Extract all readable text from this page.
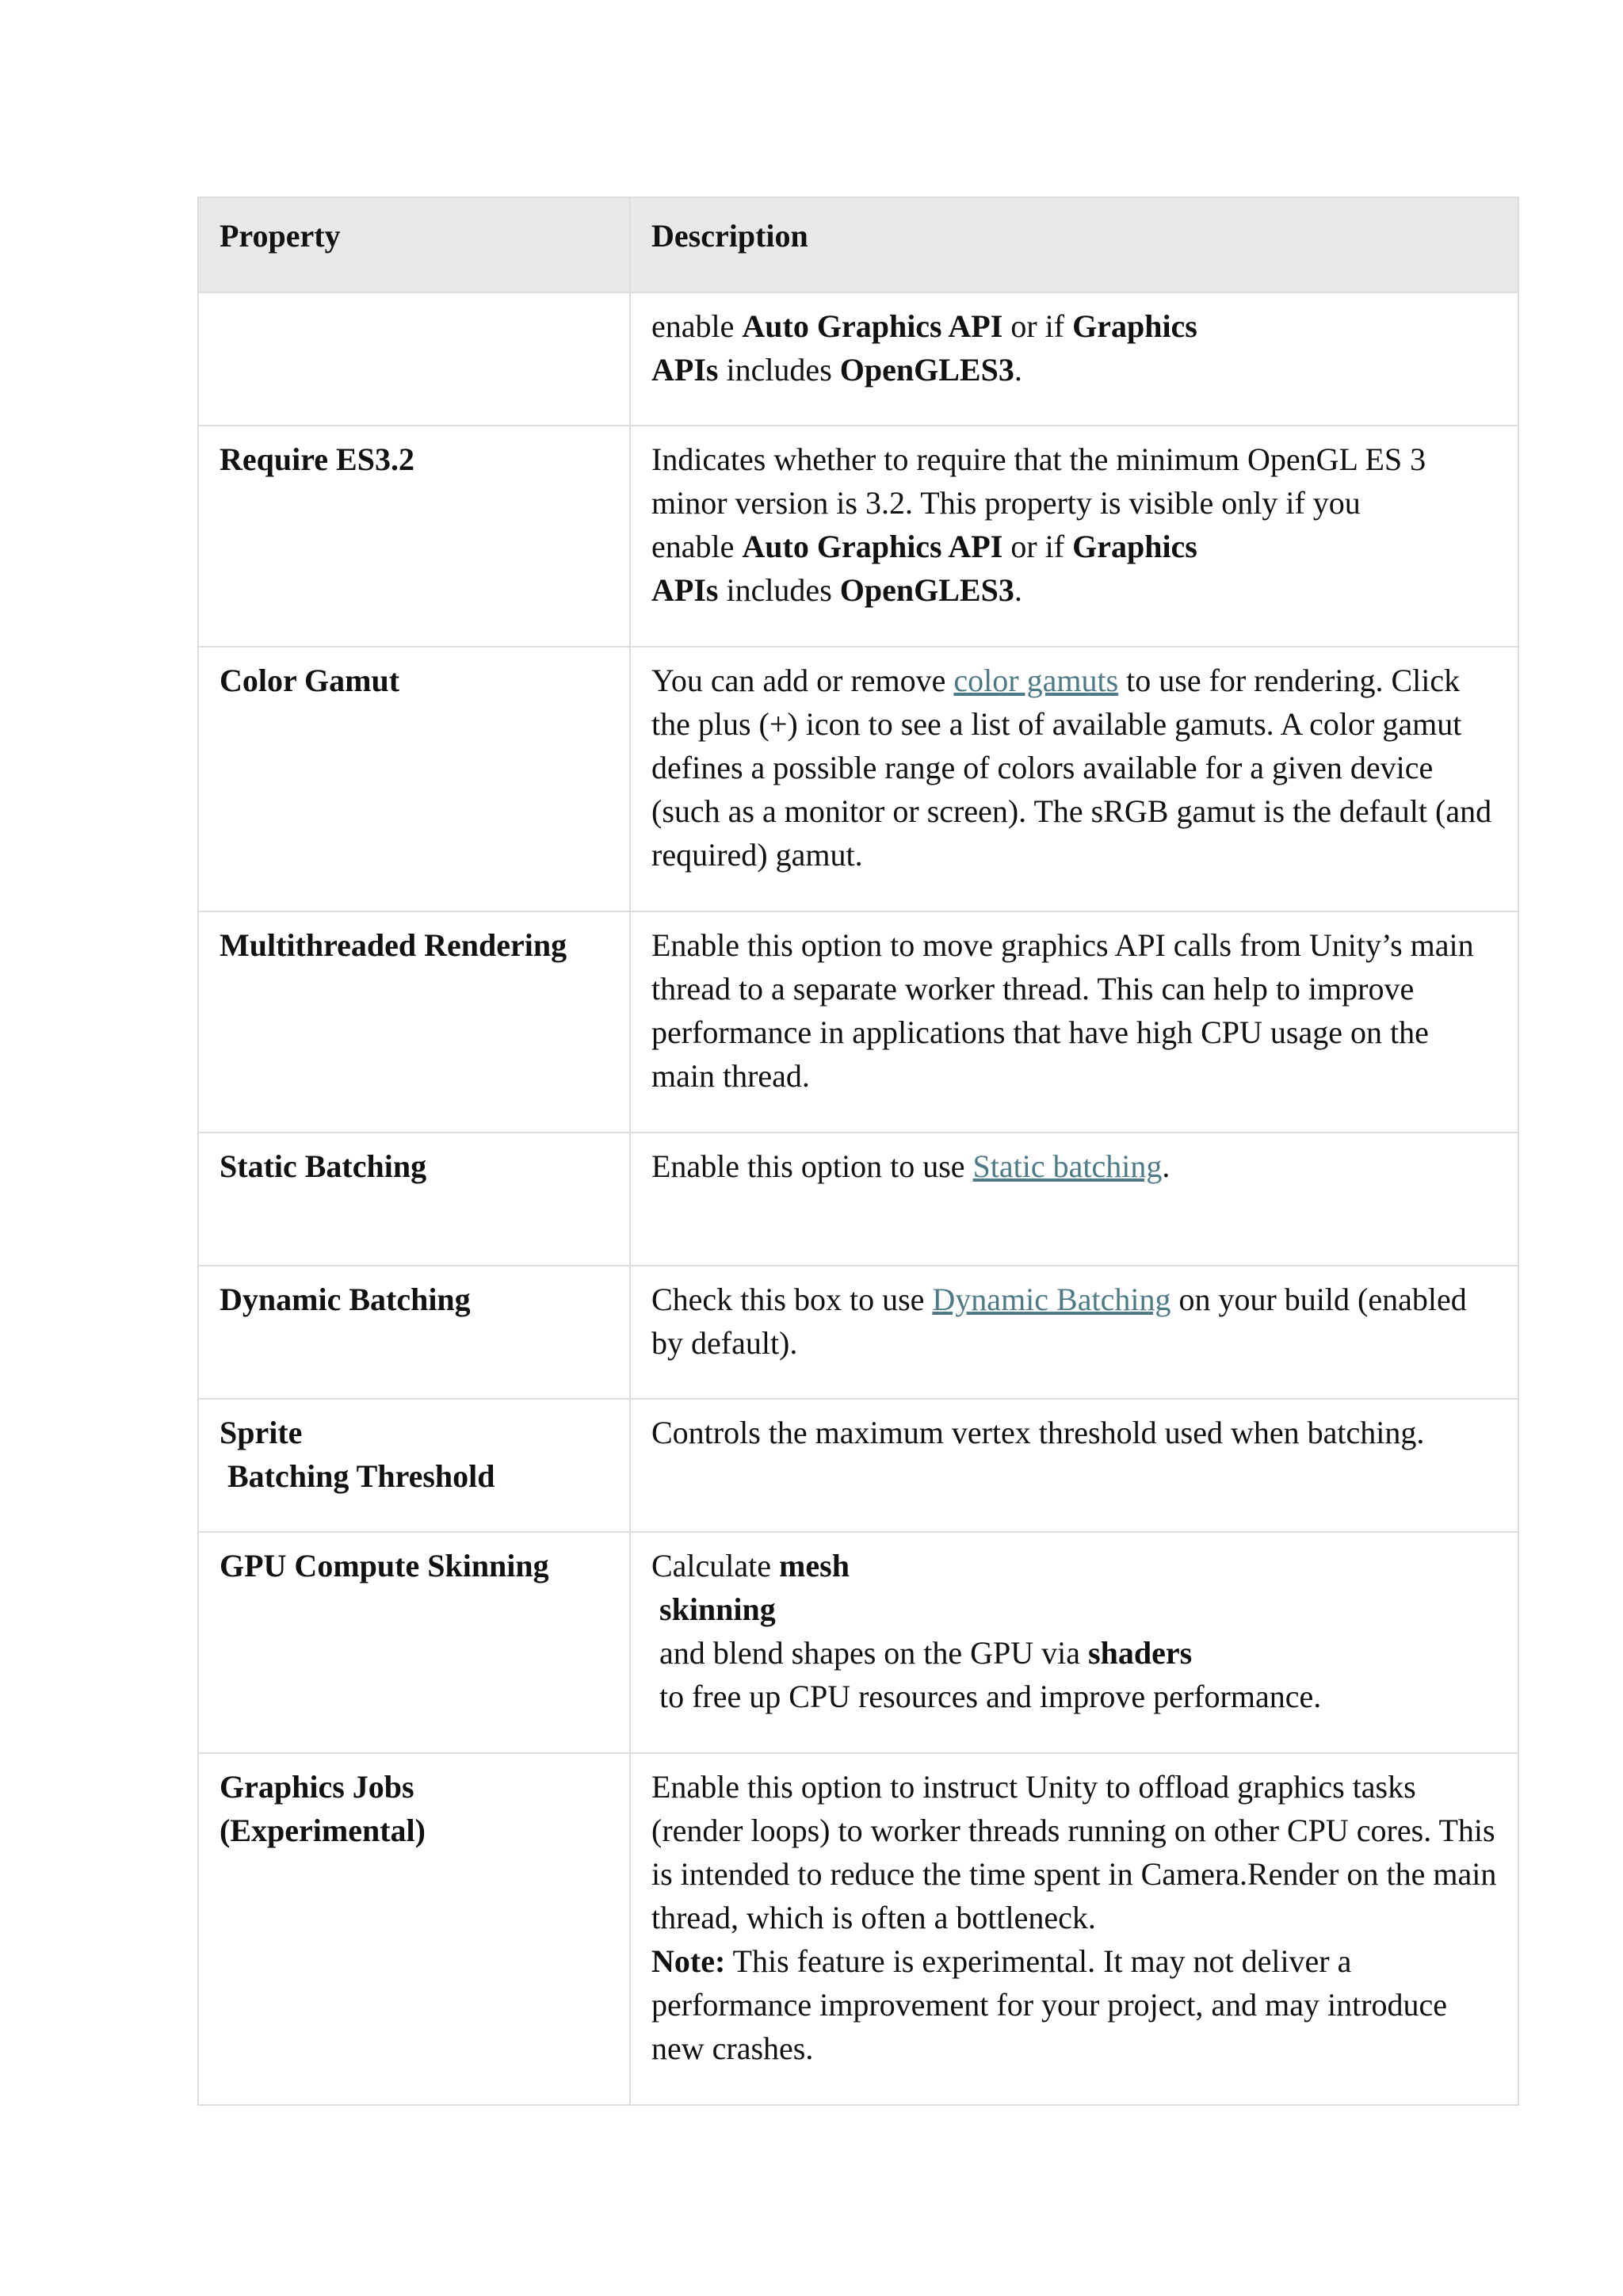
Property	Description
	enable Auto Graphics API or if Graphics
APIs includes OpenGLES3.
Require ES3.2	Indicates whether to require that the minimum OpenGL ES 3
minor version is 3.2. This property is visible only if you
enable Auto Graphics API or if Graphics
APIs includes OpenGLES3.
Color Gamut	You can add or remove color gamuts to use for rendering. Click the plus (+) icon to see a list of available gamuts. A color gamut defines a possible range of colors available for a given device (such as a monitor or screen). The sRGB gamut is the default (and required) gamut.
Multithreaded Rendering	Enable this option to move graphics API calls from Unity’s main thread to a separate worker thread. This can help to improve performance in applications that have high CPU usage on the main thread.
Static Batching	Enable this option to use Static batching.
Dynamic Batching	Check this box to use Dynamic Batching on your build (enabled by default).

Sprite
Batching Threshold	Controls the maximum vertex threshold used when batching.
GPU Compute Skinning	Calculate mesh
skinning
and blend shapes on the GPU via shaders
to free up CPU resources and improve performance.

Graphics Jobs
(Experimental)	Enable this option to instruct Unity to offload graphics tasks (render loops) to worker threads running on other CPU cores. This is intended to reduce the time spent in Camera.Render on the main thread, which is often a bottleneck.
Note: This feature is experimental. It may not deliver a performance improvement for your project, and may introduce new crashes.
